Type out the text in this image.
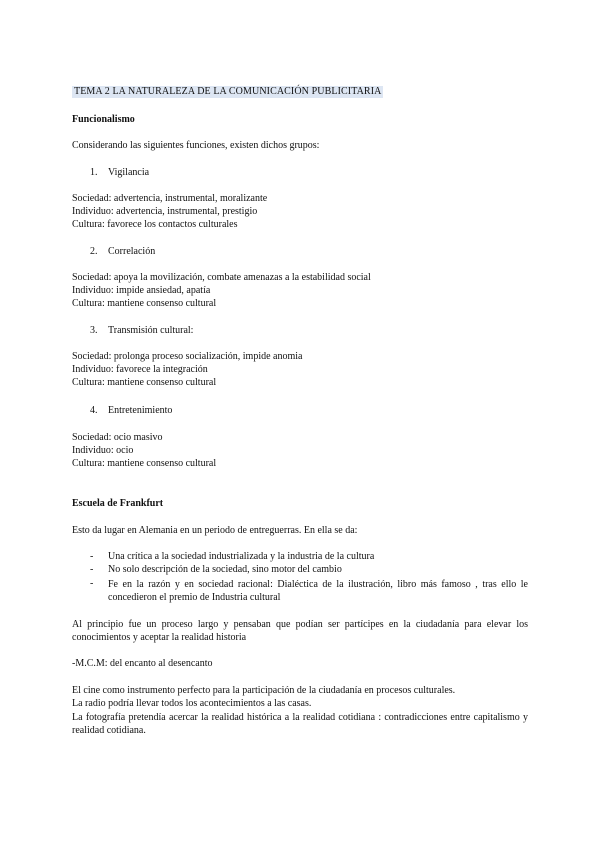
TEMA 2 LA NATURALEZA DE LA COMUNICACIÓN PUBLICITARIA
Funcionalismo
Considerando las siguientes funciones, existen dichos grupos:
1. Vigilancia
Sociedad: advertencia, instrumental, moralizante
Individuo: advertencia, instrumental, prestigio
Cultura: favorece los contactos culturales
2. Correlación
Sociedad: apoya la movilización, combate amenazas a la estabilidad social
Individuo: impide ansiedad, apatía
Cultura: mantiene consenso cultural
3. Transmisión cultural:
Sociedad: prolonga proceso socialización, impide anomia
Individuo: favorece la integración
Cultura: mantiene consenso cultural
4. Entretenimiento
Sociedad: ocio masivo
Individuo: ocio
Cultura: mantiene consenso cultural
Escuela de Frankfurt
Esto da lugar en Alemania en un periodo de entreguerras. En ella se da:
- Una crítica a la sociedad industrializada y la industria de la cultura
- No solo descripción de la sociedad, sino motor del cambio
- Fe en la razón y en sociedad racional: Dialéctica de la ilustración, libro más famoso , tras ello le concedieron el premio de Industria cultural
Al principio fue un proceso largo y pensaban que podían ser partícipes en la ciudadanía para elevar los conocimientos y aceptar la realidad historia
-M.C.M: del encanto al desencanto
El cine como instrumento perfecto para la participación de la ciudadanía en procesos culturales.
La radio podría llevar todos los acontecimientos a las casas.
La fotografía pretendía acercar la realidad histórica a la realidad cotidiana : contradicciones entre capitalismo y realidad cotidiana.
